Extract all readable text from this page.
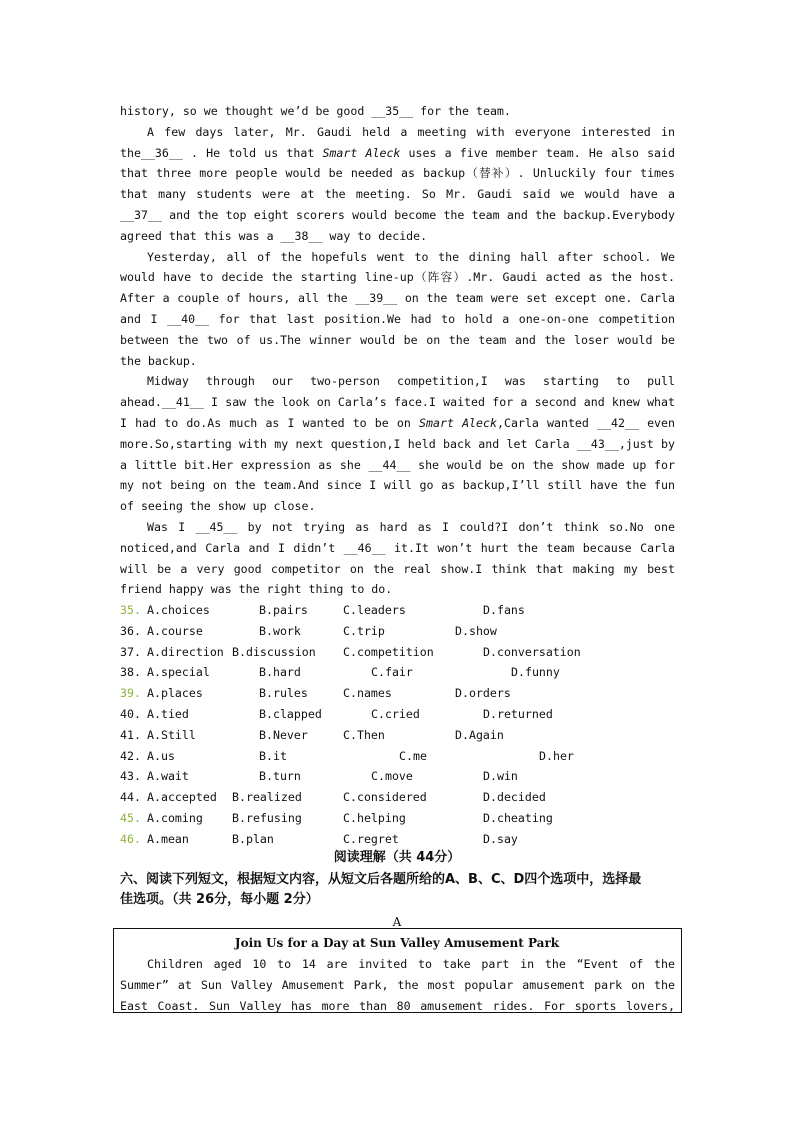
history, so we thought we’d be good __35__ for the team.
A few days later, Mr. Gaudi held a meeting with everyone interested in
the__36__ . He told us that Smart Aleck uses a five member team. He also said
that three more people would be needed as backup（替补）. Unluckily four times
that many students were at the meeting. So Mr. Gaudi said we would have a
__37__ and the top eight scorers would become the team and the backup.Everybody
agreed that this was a __38__ way to decide.
Yesterday, all of the hopefuls went to the dining hall after school. We
would have to decide the starting line-up（阵容）.Mr. Gaudi acted as the host.
After a couple of hours, all the __39__ on the team were set except one. Carla
and I __40__ for that last position.We had to hold a one-on-one competition
between the two of us.The winner would be on the team and the loser would be
the backup.
Midway through our two-person competition,I was starting to pull
ahead.__41__ I saw the look on Carla’s face.I waited for a second and knew what
I had to do.As much as I wanted to be on Smart Aleck,Carla wanted __42__ even
more.So,starting with my next question,I held back and let Carla __43__,just by
a little bit.Her expression as she __44__ she would be on the show made up for
my not being on the team.And since I will go as backup,I’ll still have the fun
of seeing the show up close.
Was I __45__ by not trying as hard as I could?I don’t think so.No one
noticed,and Carla and I didn’t __46__ it.It won’t hurt the team because Carla
will be a very good competitor on the real show.I think that making my best
friend happy was the right thing to do.
35. A.choices	B.pairs	C.leaders	D.fans
36. A.course	B.work	C.trip	D.show
37. A.direction B.discussion C.competition	D.conversation
38. A.special	B.hard	C.fair	D.funny
39. A.places	B.rules	C.names	D.orders
40. A.tied	B.clapped	C.cried	D.returned
41. A.Still	B.Never	C.Then	D.Again
42. A.us	B.it	C.me	D.her
43. A.wait	B.turn	C.move	D.win
44. A.accepted B.realized	C.considered	D.decided
45. A.coming	B.refusing	C.helping	D.cheating
46. A.mean	B.plan	C.regret	D.say
阅读理解（共 44分）
六、阅读下列短文，根据短文内容，从短文后各题所给的A、B、C、D四个选项中，选择最
佳选项。（共 26分，每小题 2分）
A
Join Us for a Day at Sun Valley Amusement Park
Children aged 10 to 14 are invited to take part in the “Event of the
Summer” at Sun Valley Amusement Park, the most popular amusement park on the
East Coast. Sun Valley has more than 80 amusement rides. For sports lovers,
